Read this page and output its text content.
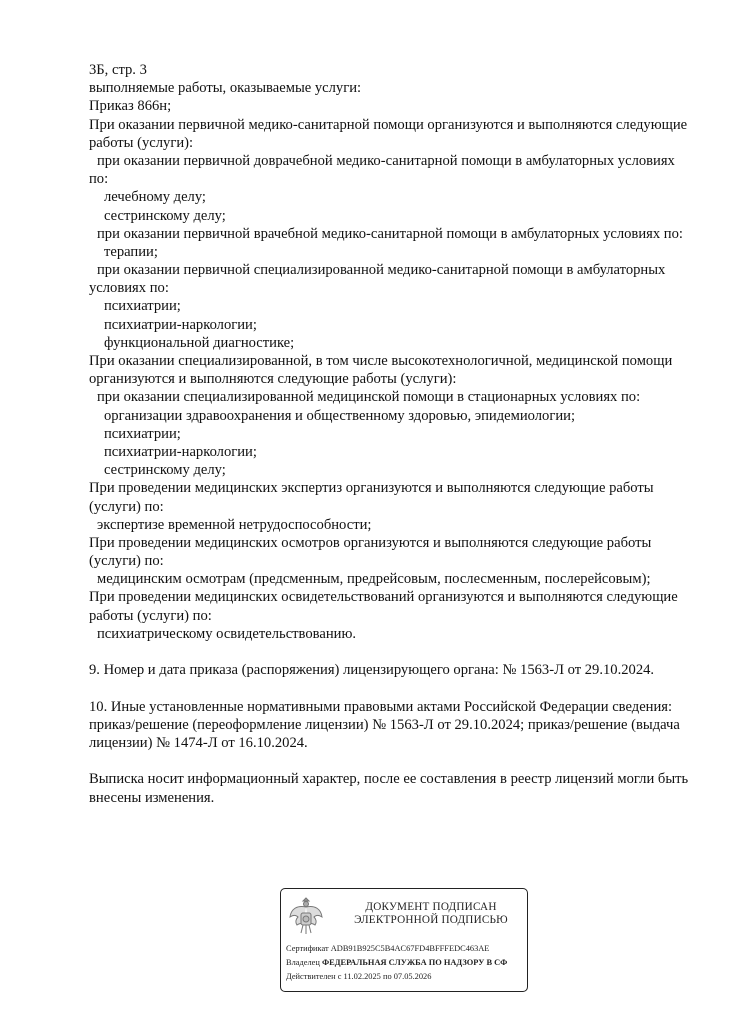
3Б, стр. 3
выполняемые работы, оказываемые услуги:
Приказ 866н;
При оказании первичной медико-санитарной помощи организуются и выполняются следующие
работы (услуги):
при оказании первичной доврачебной медико-санитарной помощи в амбулаторных условиях
по:
лечебному делу;
сестринскому делу;
при оказании первичной врачебной медико-санитарной помощи в амбулаторных условиях по:
терапии;
при оказании первичной специализированной медико-санитарной помощи в амбулаторных
условиях по:
психиатрии;
психиатрии-наркологии;
функциональной диагностике;
При оказании специализированной, в том числе высокотехнологичной, медицинской помощи
организуются и выполняются следующие работы (услуги):
при оказании специализированной медицинской помощи в стационарных условиях по:
организации здравоохранения и общественному здоровью, эпидемиологии;
психиатрии;
психиатрии-наркологии;
сестринскому делу;
При проведении медицинских экспертиз организуются и выполняются следующие работы
(услуги) по:
экспертизе временной нетрудоспособности;
При проведении медицинских осмотров организуются и выполняются следующие работы
(услуги) по:
медицинским осмотрам (предсменным, предрейсовым, послесменным, послерейсовым);
При проведении медицинских освидетельствований организуются и выполняются следующие
работы (услуги) по:
психиатрическому освидетельствованию.
9. Номер и дата приказа (распоряжения) лицензирующего органа: № 1563-Л от 29.10.2024.
10. Иные установленные нормативными правовыми актами Российской Федерации сведения:
приказ/решение (переоформление лицензии) № 1563-Л от 29.10.2024; приказ/решение (выдача
лицензии) № 1474-Л от 16.10.2024.
Выписка носит информационный характер, после ее составления в реестр лицензий могли быть
внесены изменения.
ДОКУМЕНТ ПОДПИСАН
ЭЛЕКТРОННОЙ ПОДПИСЬЮ
Сертификат ADB91B925C5B4AC67FD4BFFFEDC463AE
Владелец ФЕДЕРАЛЬНАЯ СЛУЖБА ПО НАДЗОРУ В СФ
Действителен с 11.02.2025 по 07.05.2026
